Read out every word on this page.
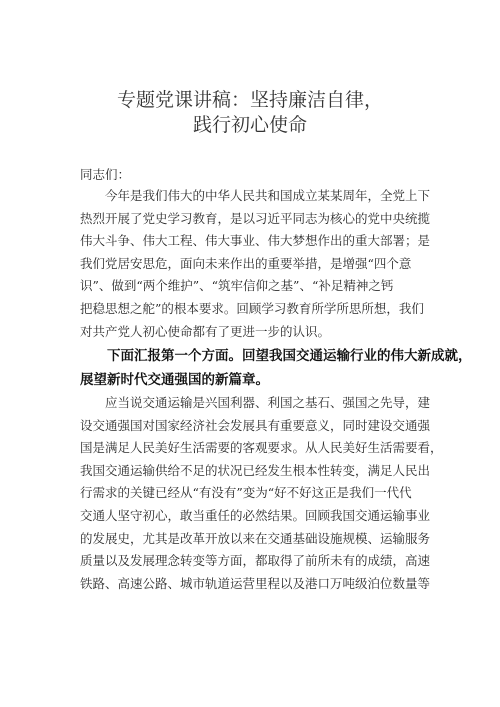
专题党课讲稿：坚持廉洁自律，
践行初心使命
同志们：
　　今年是我们伟大的中华人民共和国成立某某周年，全党上下
热烈开展了党史学习教育，是以习近平同志为核心的党中央统揽
伟大斗争、伟大工程、伟大事业、伟大梦想作出的重大部署；是
我们党居安思危，面向未来作出的重要举措，是增强“四个意
识”、做到“两个维护”、“筑牢信仰之基”、“补足精神之钙
把稳思想之舵”的根本要求。回顾学习教育所学所思所想，我们
对共产党人初心使命都有了更进一步的认识。
　　下面汇报第一个方面。回望我国交通运输行业的伟大新成就，
展望新时代交通强国的新篇章。
　　应当说交通运输是兴国利器、利国之基石、强国之先导，建
设交通强国对国家经济社会发展具有重要意义，同时建设交通强
国是满足人民美好生活需要的客观要求。从人民美好生活需要看，
我国交通运输供给不足的状况已经发生根本性转变，满足人民出
行需求的关键已经从“有没有”变为“好不好这正是我们一代代
交通人坚守初心，敢当重任的必然结果。回顾我国交通运输事业
的发展史，尤其是改革开放以来在交通基础设施规模、运输服务
质量以及发展理念转变等方面，都取得了前所未有的成绩，高速
铁路、高速公路、城市轨道运营里程以及港口万吨级泊位数量等
